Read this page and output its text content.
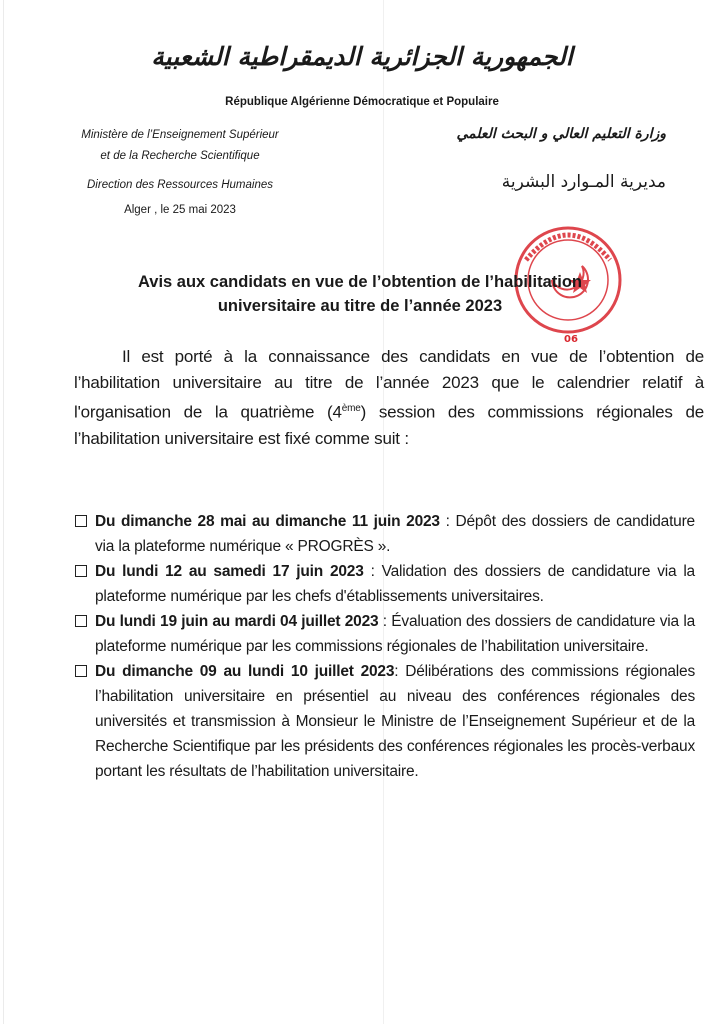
الجمهورية الجزائرية الديمقراطية الشعبية
République Algérienne Démocratique et Populaire
Ministère de l’Enseignement Supérieur
et de la Recherche Scientifique
Direction des Ressources Humaines
Alger , le 25 mai 2023
وزارة التعليم العالي و البحث العلمي
مديرية المـوارد البشرية
06
Avis aux candidats en vue de l’obtention de l’habilitation
universitaire au titre de l’année 2023
Il est porté à la connaissance des candidats en vue de l’obtention de l’habilitation universitaire au titre de l’année 2023 que le calendrier relatif à l'organisation de la quatrième (4ème) session des commissions régionales de l’habilitation universitaire est fixé comme suit :
Du dimanche 28 mai au dimanche 11 juin 2023 : Dépôt des dossiers de candidature via la plateforme numérique « PROGRÈS ».
Du lundi 12 au samedi 17 juin 2023 : Validation des dossiers de candidature via la plateforme numérique par les chefs d'établissements universitaires.
Du lundi 19 juin au mardi 04 juillet 2023 : Évaluation des dossiers de candidature via la plateforme numérique par les commissions régionales de l’habilitation universitaire.
Du dimanche 09 au lundi 10 juillet 2023: Délibérations des commissions régionales l’habilitation universitaire en présentiel au niveau des conférences régionales des universités et transmission à Monsieur le Ministre de l’Enseignement Supérieur et de la Recherche Scientifique par les présidents des conférences régionales les procès-verbaux portant les résultats de l’habilitation universitaire.
